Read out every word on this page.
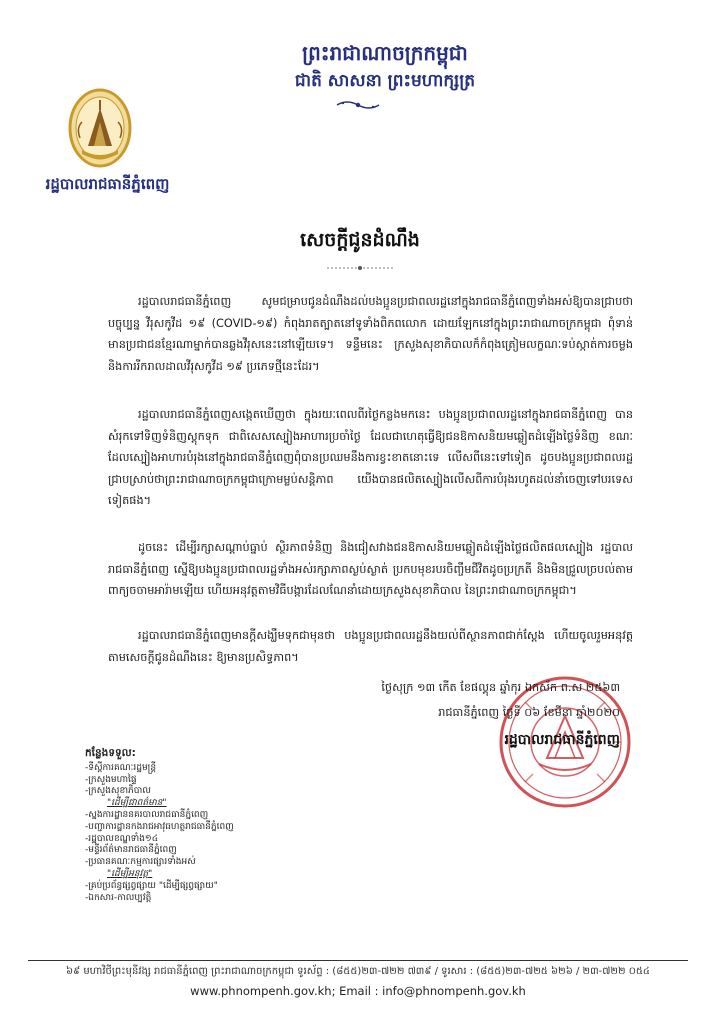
ព្រះរាជាណាចក្រកម្ពុជា
ជាតិ សាសនា ព្រះមហាក្សត្រ
រដ្ឋបាលរាជធានីភ្នំពេញ
សេចក្ដីជូនដំណឹង
រដ្ឋបាលរាជធានីភ្នំពេញ សូមជម្រាបជូនដំណឹងដល់បងប្អូនប្រជាពលរដ្ឋនៅក្នុងរាជធានីភ្នំពេញទាំងអស់ឱ្យបានជ្រាបថា បច្ចុប្បន្ន វីរុសកូវីដ ១៩ (COVID-១៩) កំពុងរាតត្បាតនៅទូទាំងពិភពលោក ដោយឡែកនៅក្នុងព្រះរាជាណាចក្រកម្ពុជា ពុំទាន់មានប្រជាជនខ្មែរណាម្នាក់បានឆ្លងវីរុសនេះនៅឡើយទេ។ ទន្ទឹមនេះ ក្រសួងសុខាភិបាលក៏កំពុងត្រៀមលក្ខណៈទប់ស្កាត់ការចម្លង និងការរីករាលដាលវីរុសកូវីដ ១៩ ប្រភេទថ្មីនេះដែរ។
រដ្ឋបាលរាជធានីភ្នំពេញសង្កេតឃើញថា ក្នុងរយៈពេលពីរថ្ងៃកន្លងមកនេះ បងប្អូនប្រជាពលរដ្ឋនៅក្នុងរាជធានីភ្នំពេញ បានសំរុកទៅទិញទំនិញស្តុកទុក ជាពិសេសស្បៀងអាហារប្រចាំថ្ងៃ ដែលជាហេតុធ្វើឱ្យជនឱកាសនិយមឆ្លៀតដំឡើងថ្លៃទំនិញ ខណៈដែលស្បៀងអាហារបំរុងនៅក្នុងរាជធានីភ្នំពេញពុំបានប្រឈមនឹងការខ្វះខាតនោះទេ លើសពីនេះទៅទៀត ដូចបងប្អូនប្រជាពលរដ្ឋជ្រាបស្រាប់ថាព្រះរាជាណាចក្រកម្ពុជាក្រោមម្លប់សន្តិភាព យើងបានផលិតស្បៀងលើសពីការបំរុងរហូតដល់នាំចេញទៅបរទេសទៀតផង។
ដូចនេះ ដើម្បីរក្សាសណ្តាប់ធ្នាប់ ស្ថិរភាពទំនិញ និងជៀសវាងជនឱកាសនិយមឆ្លៀតដំឡើងថ្លៃផលិតផលស្បៀង រដ្ឋបាលរាជធានីភ្នំពេញ ស្នើឱ្យបងប្អូនប្រជាពលរដ្ឋទាំងអស់រក្សាភាពស្ងប់ស្ងាត់ ប្រកបមុខរបរចិញ្ចឹមជីវិតដូចប្រក្រតី និងមិនជ្រួលច្របល់តាមពាក្យចចាមអារ៉ាមឡើយ ហើយអនុវត្តតាមវិធីបង្ការដែលណែនាំដោយក្រសួងសុខាភិបាល នៃព្រះរាជាណាចក្រកម្ពុជា។
រដ្ឋបាលរាជធានីភ្នំពេញមានក្តីសង្ឃឹមទុកជាមុនថា បងប្អូនប្រជាពលរដ្ឋនឹងយល់ពីស្ថានភាពជាក់ស្តែង ហើយចូលរួមអនុវត្តតាមសេចក្តីជូនដំណឹងនេះ ឱ្យមានប្រសិទ្ធភាព។
ថ្ងៃសុក្រ ១៣ កើត ខែផល្គុន ឆ្នាំកុរ ឯកស័ក ព.ស ២៥៦៣
រាជធានីភ្នំពេញ ថ្ងៃទី ០៦ ខែមីនា ឆ្នាំ២០២០
រដ្ឋបាលរាជធានីភ្នំពេញ
កន្លែងទទួល:
-ទីស្តីការគណៈរដ្ឋមន្ត្រី
-ក្រសួងមហាផ្ទៃ
-ក្រសួងសុខាភិបាល
"ដើម្បីជាពត៌មាន"
-ស្នងការដ្ឋាននគរបាលរាជធានីភ្នំពេញ
-បញ្ជាការដ្ឋានកងរាជអាវុធហត្ថរាជធានីភ្នំពេញ
-រដ្ឋបាលខណ្ឌទាំង១៤
-មន្ទីរព័ត៌មានរាជធានីភ្នំពេញ
-ប្រធានគណៈកម្មការផ្សារទាំងអស់
"ដើម្បីអនុវត្ត"
-គ្រប់ប្រព័ន្ធផ្សព្វផ្សាយ "ដើម្បីផ្សព្វផ្សាយ"
-ឯកសារ-កាលប្បវត្តិ
៦៩ មហាវិថីព្រះមុនីវង្ស រាជធានីភ្នំពេញ ព្រះរាជាណាចក្រកម្ពុជា ទូរស័ព្ទ : (៨៥៥)២៣-៧២២ ៧៣៩ / ទូរសារ : (៨៥៥)២៣-៧២៥ ៦២៦ / ២៣-៧២២ ០៥៤
www.phnompenh.gov.kh; Email : info@phnompenh.gov.kh
